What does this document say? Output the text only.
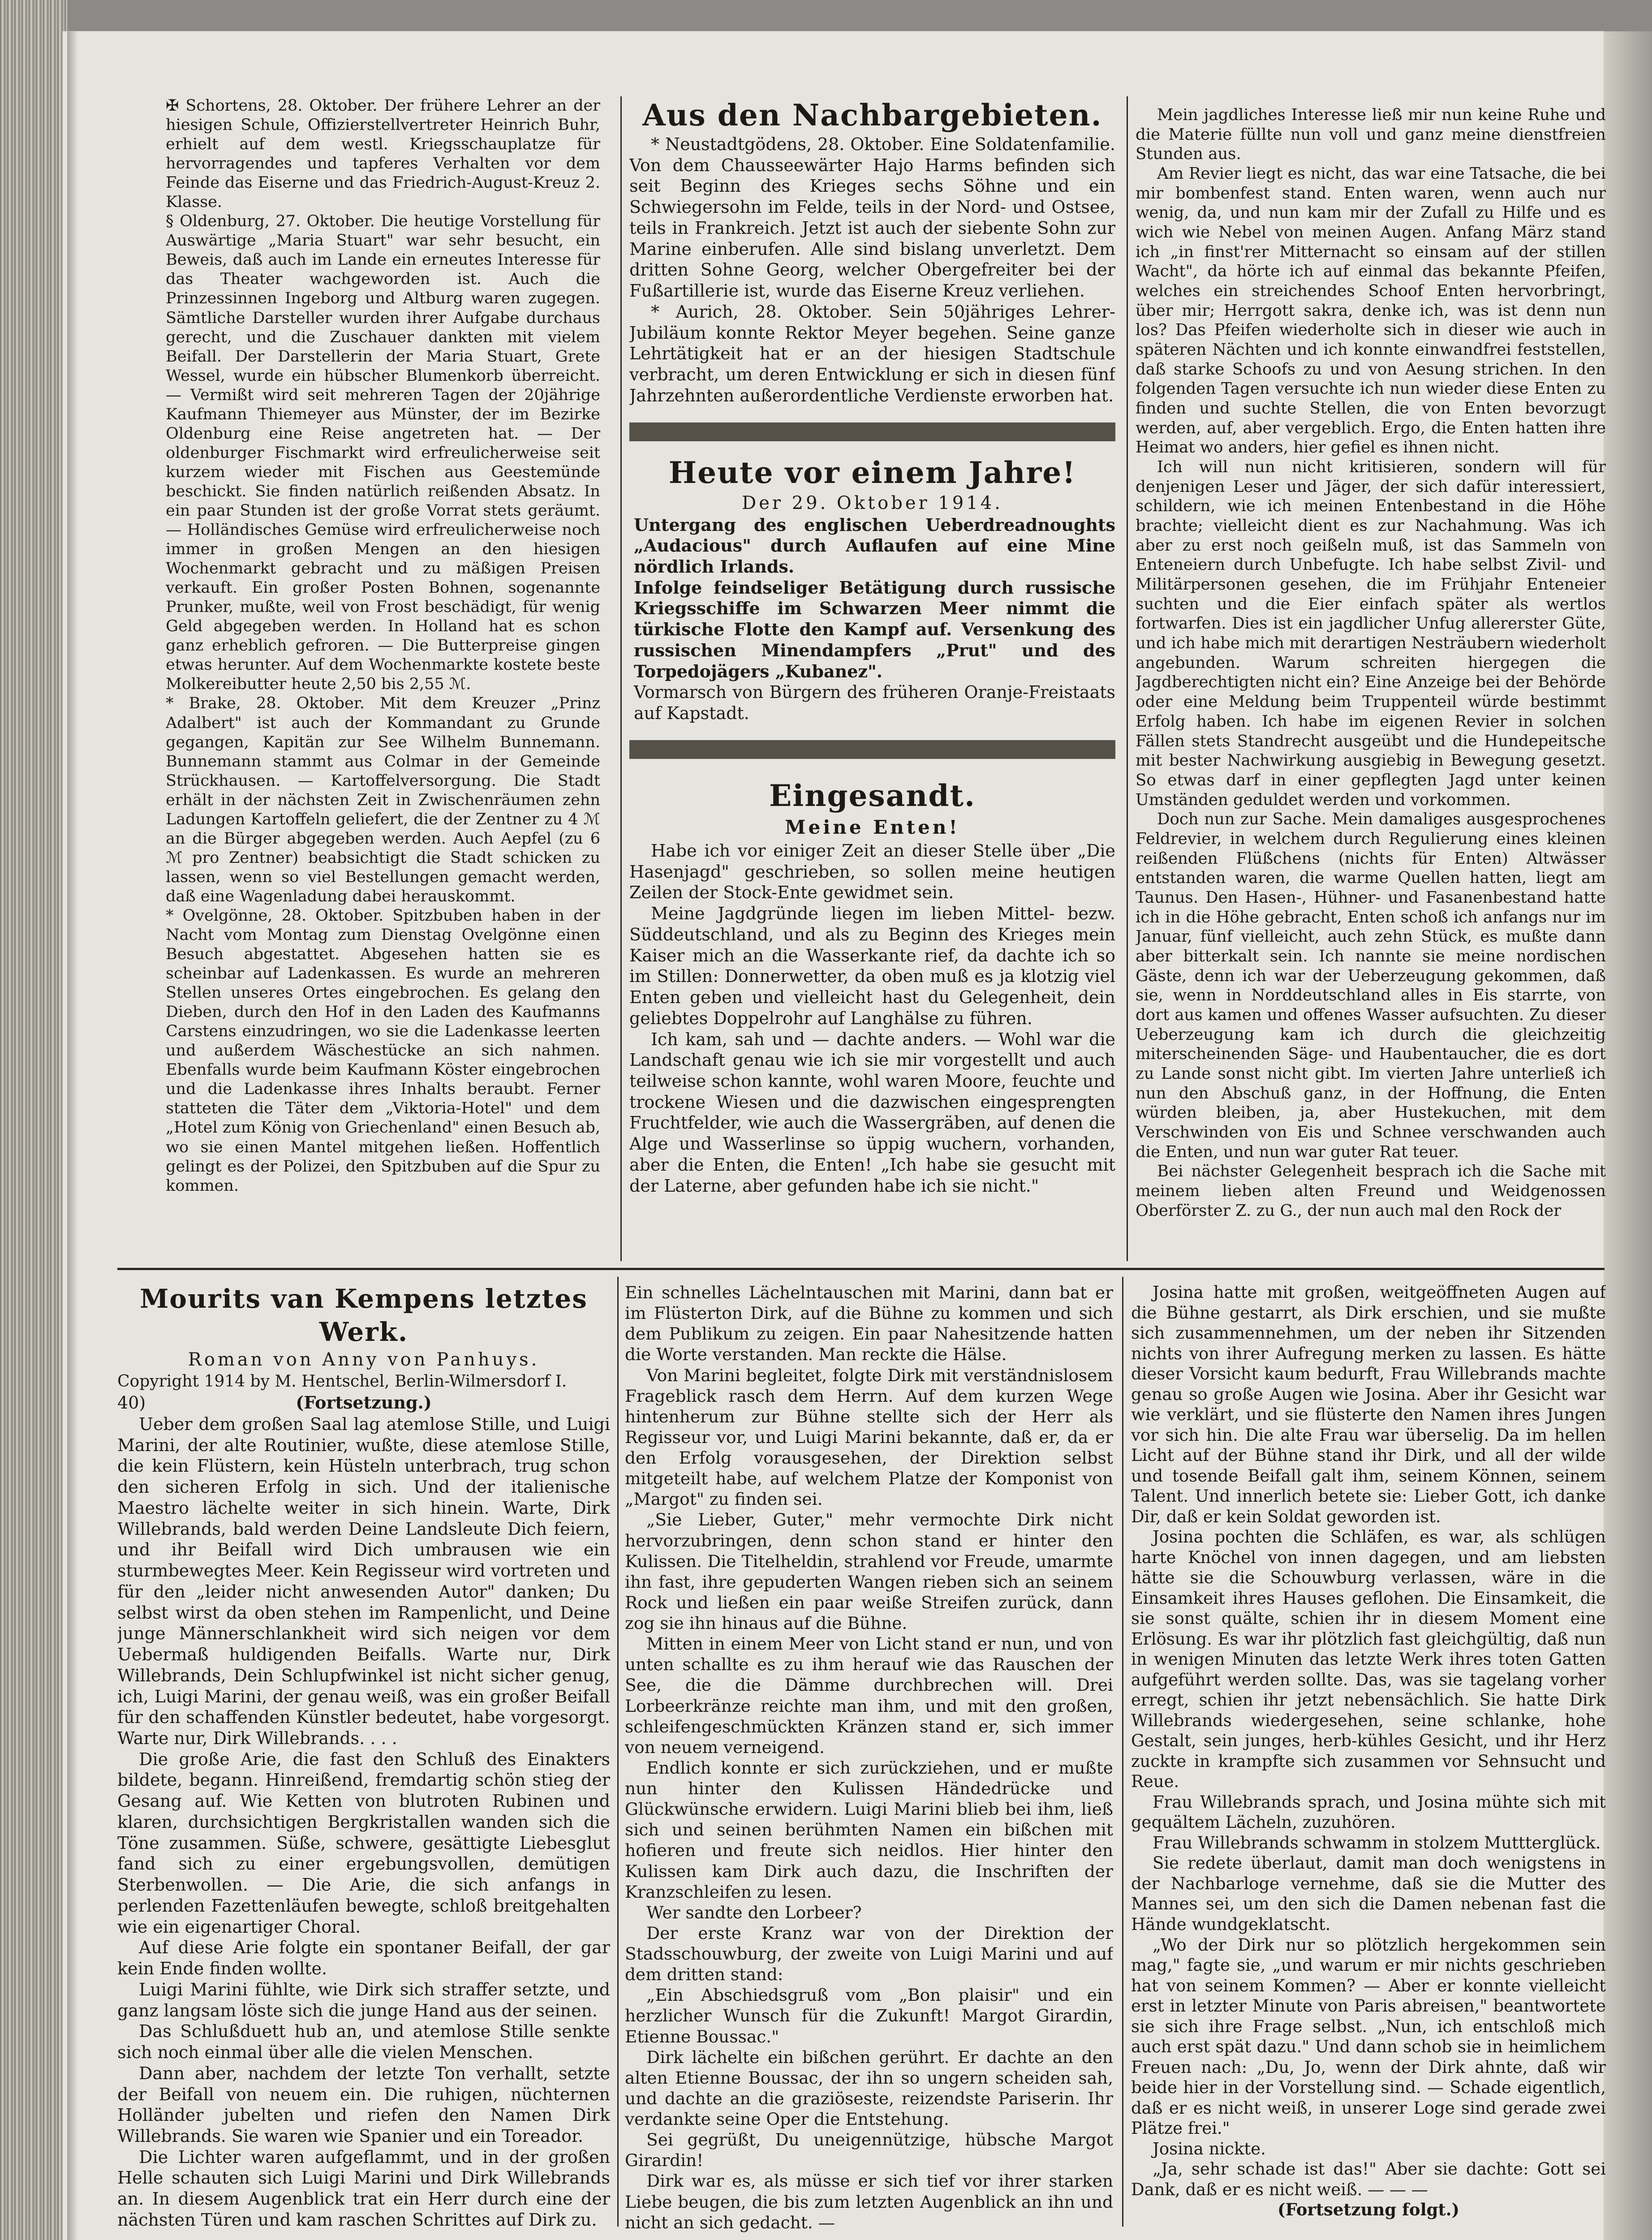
✠ Schortens, 28. Oktober. Der frühere Lehrer an der hiesigen Schule, Offizierstellvertreter Heinrich Buhr, erhielt auf dem westl. Kriegsschauplatze für hervorragendes und tapferes Verhalten vor dem Feinde das Eiserne und das Friedrich-August-Kreuz 2. Klasse.

§ Oldenburg, 27. Oktober. Die heutige Vorstellung für Auswärtige „Maria Stuart" war sehr besucht, ein Beweis, daß auch im Lande ein erneutes Interesse für das Theater wachgeworden ist. Auch die Prinzessinnen Ingeborg und Altburg waren zugegen. Sämtliche Darsteller wurden ihrer Aufgabe durchaus gerecht, und die Zuschauer dankten mit vielem Beifall. Der Darstellerin der Maria Stuart, Grete Wessel, wurde ein hübscher Blumenkorb überreicht. — Vermißt wird seit mehreren Tagen der 20jährige Kaufmann Thiemeyer aus Münster, der im Bezirke Oldenburg eine Reise angetreten hat. — Der oldenburger Fischmarkt wird erfreulicherweise seit kurzem wieder mit Fischen aus Geestemünde beschickt. Sie finden natürlich reißenden Absatz. In ein paar Stunden ist der große Vorrat stets geräumt. — Holländisches Gemüse wird erfreulicherweise noch immer in großen Mengen an den hiesigen Wochenmarkt gebracht und zu mäßigen Preisen verkauft. Ein großer Posten Bohnen, sogenannte Prunker, mußte, weil von Frost beschädigt, für wenig Geld abgegeben werden. In Holland hat es schon ganz erheblich gefroren. — Die Butterpreise gingen etwas herunter. Auf dem Wochenmarkte kostete beste Molkereibutter heute 2,50 bis 2,55 ℳ.

* Brake, 28. Oktober. Mit dem Kreuzer „Prinz Adalbert" ist auch der Kommandant zu Grunde gegangen, Kapitän zur See Wilhelm Bunnemann. Bunnemann stammt aus Colmar in der Gemeinde Strückhausen. — Kartoffelversorgung. Die Stadt erhält in der nächsten Zeit in Zwischenräumen zehn Ladungen Kartoffeln geliefert, die der Zentner zu 4 ℳ an die Bürger abgegeben werden. Auch Aepfel (zu 6 ℳ pro Zentner) beabsichtigt die Stadt schicken zu lassen, wenn so viel Bestellungen gemacht werden, daß eine Wagenladung dabei herauskommt.

* Ovelgönne, 28. Oktober. Spitzbuben haben in der Nacht vom Montag zum Dienstag Ovelgönne einen Besuch abgestattet. Abgesehen hatten sie es scheinbar auf Ladenkassen. Es wurde an mehreren Stellen unseres Ortes eingebrochen. Es gelang den Dieben, durch den Hof in den Laden des Kaufmanns Carstens einzudringen, wo sie die Ladenkasse leerten und außerdem Wäschestücke an sich nahmen. Ebenfalls wurde beim Kaufmann Köster eingebrochen und die Ladenkasse ihres Inhalts beraubt. Ferner statteten die Täter dem „Viktoria-Hotel" und dem „Hotel zum König von Griechenland" einen Besuch ab, wo sie einen Mantel mitgehen ließen. Hoffentlich gelingt es der Polizei, den Spitzbuben auf die Spur zu kommen.

Aus den Nachbargebieten.

* Neustadtgödens, 28. Oktober. Eine Soldatenfamilie. Von dem Chausseewärter Hajo Harms befinden sich seit Beginn des Krieges sechs Söhne und ein Schwiegersohn im Felde, teils in der Nord- und Ostsee, teils in Frankreich. Jetzt ist auch der siebente Sohn zur Marine einberufen. Alle sind bislang unverletzt. Dem dritten Sohne Georg, welcher Obergefreiter bei der Fußartillerie ist, wurde das Eiserne Kreuz verliehen.

* Aurich, 28. Oktober. Sein 50jähriges Lehrer-Jubiläum konnte Rektor Meyer begehen. Seine ganze Lehrtätigkeit hat er an der hiesigen Stadtschule verbracht, um deren Entwicklung er sich in diesen fünf Jahrzehnten außerordentliche Verdienste erworben hat.

Heute vor einem Jahre!
Der 29. Oktober 1914.

Untergang des englischen Ueberdreadnoughts „Audacious" durch Auflaufen auf eine Mine nördlich Irlands.

Infolge feindseliger Betätigung durch russische Kriegsschiffe im Schwarzen Meer nimmt die türkische Flotte den Kampf auf. Versenkung des russischen Minendampfers „Prut" und des Torpedojägers „Kubanez".

Vormarsch von Bürgern des früheren Oranje-Freistaats auf Kapstadt.

Eingesandt.
Meine Enten!

Habe ich vor einiger Zeit an dieser Stelle über „Die Hasenjagd" geschrieben, so sollen meine heutigen Zeilen der Stock-Ente gewidmet sein.

Meine Jagdgründe liegen im lieben Mittel- bezw. Süddeutschland, und als zu Beginn des Krieges mein Kaiser mich an die Wasserkante rief, da dachte ich so im Stillen: Donnerwetter, da oben muß es ja klotzig viel Enten geben und vielleicht hast du Gelegenheit, dein geliebtes Doppelrohr auf Langhälse zu führen.

Ich kam, sah und — dachte anders. — Wohl war die Landschaft genau wie ich sie mir vorgestellt und auch teilweise schon kannte, wohl waren Moore, feuchte und trockene Wiesen und die dazwischen eingesprengten Fruchtfelder, wie auch die Wassergräben, auf denen die Alge und Wasserlinse so üppig wuchern, vorhanden, aber die Enten, die Enten! „Ich habe sie gesucht mit der Laterne, aber gefunden habe ich sie nicht."

Mein jagdliches Interesse ließ mir nun keine Ruhe und die Materie füllte nun voll und ganz meine dienstfreien Stunden aus.

Am Revier liegt es nicht, das war eine Tatsache, die bei mir bombenfest stand. Enten waren, wenn auch nur wenig, da, und nun kam mir der Zufall zu Hilfe und es wich wie Nebel von meinen Augen. Anfang März stand ich „in finst'rer Mitternacht so einsam auf der stillen Wacht", da hörte ich auf einmal das bekannte Pfeifen, welches ein streichendes Schoof Enten hervorbringt, über mir; Herrgott sakra, denke ich, was ist denn nun los? Das Pfeifen wiederholte sich in dieser wie auch in späteren Nächten und ich konnte einwandfrei feststellen, daß starke Schoofs zu und von Aesung strichen. In den folgenden Tagen versuchte ich nun wieder diese Enten zu finden und suchte Stellen, die von Enten bevorzugt werden, auf, aber vergeblich. Ergo, die Enten hatten ihre Heimat wo anders, hier gefiel es ihnen nicht.

Ich will nun nicht kritisieren, sondern will für denjenigen Leser und Jäger, der sich dafür interessiert, schildern, wie ich meinen Entenbestand in die Höhe brachte; vielleicht dient es zur Nachahmung. Was ich aber zu erst noch geißeln muß, ist das Sammeln von Enteneiern durch Unbefugte. Ich habe selbst Zivil- und Militärpersonen gesehen, die im Frühjahr Enteneier suchten und die Eier einfach später als wertlos fortwarfen. Dies ist ein jagdlicher Unfug allererster Güte, und ich habe mich mit derartigen Nesträubern wiederholt angebunden. Warum schreiten hiergegen die Jagdberechtigten nicht ein? Eine Anzeige bei der Behörde oder eine Meldung beim Truppenteil würde bestimmt Erfolg haben. Ich habe im eigenen Revier in solchen Fällen stets Standrecht ausgeübt und die Hundepeitsche mit bester Nachwirkung ausgiebig in Bewegung gesetzt. So etwas darf in einer gepflegten Jagd unter keinen Umständen geduldet werden und vorkommen.

Doch nun zur Sache. Mein damaliges ausgesprochenes Feldrevier, in welchem durch Regulierung eines kleinen reißenden Flüßchens (nichts für Enten) Altwässer entstanden waren, die warme Quellen hatten, liegt am Taunus. Den Hasen-, Hühner- und Fasanenbestand hatte ich in die Höhe gebracht, Enten schoß ich anfangs nur im Januar, fünf vielleicht, auch zehn Stück, es mußte dann aber bitterkalt sein. Ich nannte sie meine nordischen Gäste, denn ich war der Ueberzeugung gekommen, daß sie, wenn in Norddeutschland alles in Eis starrte, von dort aus kamen und offenes Wasser aufsuchten. Zu dieser Ueberzeugung kam ich durch die gleichzeitig miterscheinenden Säge- und Haubentaucher, die es dort zu Lande sonst nicht gibt. Im vierten Jahre unterließ ich nun den Abschuß ganz, in der Hoffnung, die Enten würden bleiben, ja, aber Hustekuchen, mit dem Verschwinden von Eis und Schnee verschwanden auch die Enten, und nun war guter Rat teuer.

Bei nächster Gelegenheit besprach ich die Sache mit meinem lieben alten Freund und Weidgenossen Oberförster Z. zu G., der nun auch mal den Rock der

Mourits van Kempens letztes Werk.
Roman von Anny von Panhuys.
Copyright 1914 by M. Hentschel, Berlin-Wilmersdorf I.
40)	(Fortsetzung.)

Ueber dem großen Saal lag atemlose Stille, und Luigi Marini, der alte Routinier, wußte, diese atemlose Stille, die kein Flüstern, kein Hüsteln unterbrach, trug schon den sicheren Erfolg in sich. Und der italienische Maestro lächelte weiter in sich hinein. Warte, Dirk Willebrands, bald werden Deine Landsleute Dich feiern, und ihr Beifall wird Dich umbrausen wie ein sturmbewegtes Meer. Kein Regisseur wird vortreten und für den „leider nicht anwesenden Autor" danken; Du selbst wirst da oben stehen im Rampenlicht, und Deine junge Männerschlankheit wird sich neigen vor dem Uebermaß huldigenden Beifalls. Warte nur, Dirk Willebrands, Dein Schlupfwinkel ist nicht sicher genug, ich, Luigi Marini, der genau weiß, was ein großer Beifall für den schaffenden Künstler bedeutet, habe vorgesorgt. Warte nur, Dirk Willebrands. . . .

Die große Arie, die fast den Schluß des Einakters bildete, begann. Hinreißend, fremdartig schön stieg der Gesang auf. Wie Ketten von blutroten Rubinen und klaren, durchsichtigen Bergkristallen wanden sich die Töne zusammen. Süße, schwere, gesättigte Liebesglut fand sich zu einer ergebungsvollen, demütigen Sterbenwollen. — Die Arie, die sich anfangs in perlenden Fazettenläufen bewegte, schloß breitgehalten wie ein eigenartiger Choral.

Auf diese Arie folgte ein spontaner Beifall, der gar kein Ende finden wollte.

Luigi Marini fühlte, wie Dirk sich straffer setzte, und ganz langsam löste sich die junge Hand aus der seinen.

Das Schlußduett hub an, und atemlose Stille senkte sich noch einmal über alle die vielen Menschen.

Dann aber, nachdem der letzte Ton verhallt, setzte der Beifall von neuem ein. Die ruhigen, nüchternen Holländer jubelten und riefen den Namen Dirk Willebrands. Sie waren wie Spanier und ein Toreador.

Die Lichter waren aufgeflammt, und in der großen Helle schauten sich Luigi Marini und Dirk Willebrands an. In diesem Augenblick trat ein Herr durch eine der nächsten Türen und kam raschen Schrittes auf Dirk zu.

Ein schnelles Lächelntauschen mit Marini, dann bat er im Flüsterton Dirk, auf die Bühne zu kommen und sich dem Publikum zu zeigen. Ein paar Nahesitzende hatten die Worte verstanden. Man reckte die Hälse.

Von Marini begleitet, folgte Dirk mit verständnislosem Frageblick rasch dem Herrn. Auf dem kurzen Wege hintenherum zur Bühne stellte sich der Herr als Regisseur vor, und Luigi Marini bekannte, daß er, da er den Erfolg vorausgesehen, der Direktion selbst mitgeteilt habe, auf welchem Platze der Komponist von „Margot" zu finden sei.

„Sie Lieber, Guter," mehr vermochte Dirk nicht hervorzubringen, denn schon stand er hinter den Kulissen. Die Titelheldin, strahlend vor Freude, umarmte ihn fast, ihre gepuderten Wangen rieben sich an seinem Rock und ließen ein paar weiße Streifen zurück, dann zog sie ihn hinaus auf die Bühne.

Mitten in einem Meer von Licht stand er nun, und von unten schallte es zu ihm herauf wie das Rauschen der See, die die Dämme durchbrechen will. Drei Lorbeerkränze reichte man ihm, und mit den großen, schleifengeschmückten Kränzen stand er, sich immer von neuem verneigend.

Endlich konnte er sich zurückziehen, und er mußte nun hinter den Kulissen Händedrücke und Glückwünsche erwidern. Luigi Marini blieb bei ihm, ließ sich und seinen berühmten Namen ein bißchen mit hofieren und freute sich neidlos. Hier hinter den Kulissen kam Dirk auch dazu, die Inschriften der Kranzschleifen zu lesen.

Wer sandte den Lorbeer?

Der erste Kranz war von der Direktion der Stadsschouwburg, der zweite von Luigi Marini und auf dem dritten stand:

„Ein Abschiedsgruß vom „Bon plaisir" und ein herzlicher Wunsch für die Zukunft! Margot Girardin, Etienne Boussac."

Dirk lächelte ein bißchen gerührt. Er dachte an den alten Etienne Boussac, der ihn so ungern scheiden sah, und dachte an die graziöseste, reizendste Pariserin. Ihr verdankte seine Oper die Entstehung.

Sei gegrüßt, Du uneigennützige, hübsche Margot Girardin!

Dirk war es, als müsse er sich tief vor ihrer starken Liebe beugen, die bis zum letzten Augenblick an ihn und nicht an sich gedacht. —

Josina hatte mit großen, weitgeöffneten Augen auf die Bühne gestarrt, als Dirk erschien, und sie mußte sich zusammennehmen, um der neben ihr Sitzenden nichts von ihrer Aufregung merken zu lassen. Es hätte dieser Vorsicht kaum bedurft, Frau Willebrands machte genau so große Augen wie Josina. Aber ihr Gesicht war wie verklärt, und sie flüsterte den Namen ihres Jungen vor sich hin. Die alte Frau war überselig. Da im hellen Licht auf der Bühne stand ihr Dirk, und all der wilde und tosende Beifall galt ihm, seinem Können, seinem Talent. Und innerlich betete sie: Lieber Gott, ich danke Dir, daß er kein Soldat geworden ist.

Josina pochten die Schläfen, es war, als schlügen harte Knöchel von innen dagegen, und am liebsten hätte sie die Schouwburg verlassen, wäre in die Einsamkeit ihres Hauses geflohen. Die Einsamkeit, die sie sonst quälte, schien ihr in diesem Moment eine Erlösung. Es war ihr plötzlich fast gleichgültig, daß nun in wenigen Minuten das letzte Werk ihres toten Gatten aufgeführt werden sollte. Das, was sie tagelang vorher erregt, schien ihr jetzt nebensächlich. Sie hatte Dirk Willebrands wiedergesehen, seine schlanke, hohe Gestalt, sein junges, herb-kühles Gesicht, und ihr Herz zuckte in krampfte sich zusammen vor Sehnsucht und Reue.

Frau Willebrands sprach, und Josina mühte sich mit gequältem Lächeln, zuzuhören.

Frau Willebrands schwamm in stolzem Muttterglück.

Sie redete überlaut, damit man doch wenigstens in der Nachbarloge vernehme, daß sie die Mutter des Mannes sei, um den sich die Damen nebenan fast die Hände wundgeklatscht.

„Wo der Dirk nur so plötzlich hergekommen sein mag," fagte sie, „und warum er mir nichts geschrieben hat von seinem Kommen? — Aber er konnte vielleicht erst in letzter Minute von Paris abreisen," beantwortete sie sich ihre Frage selbst. „Nun, ich entschloß mich auch erst spät dazu." Und dann schob sie in heimlichem Freuen nach: „Du, Jo, wenn der Dirk ahnte, daß wir beide hier in der Vorstellung sind. — Schade eigentlich, daß er es nicht weiß, in unserer Loge sind gerade zwei Plätze frei."

Josina nickte.

„Ja, sehr schade ist das!" Aber sie dachte: Gott sei Dank, daß er es nicht weiß. — — —

(Fortsetzung folgt.)
